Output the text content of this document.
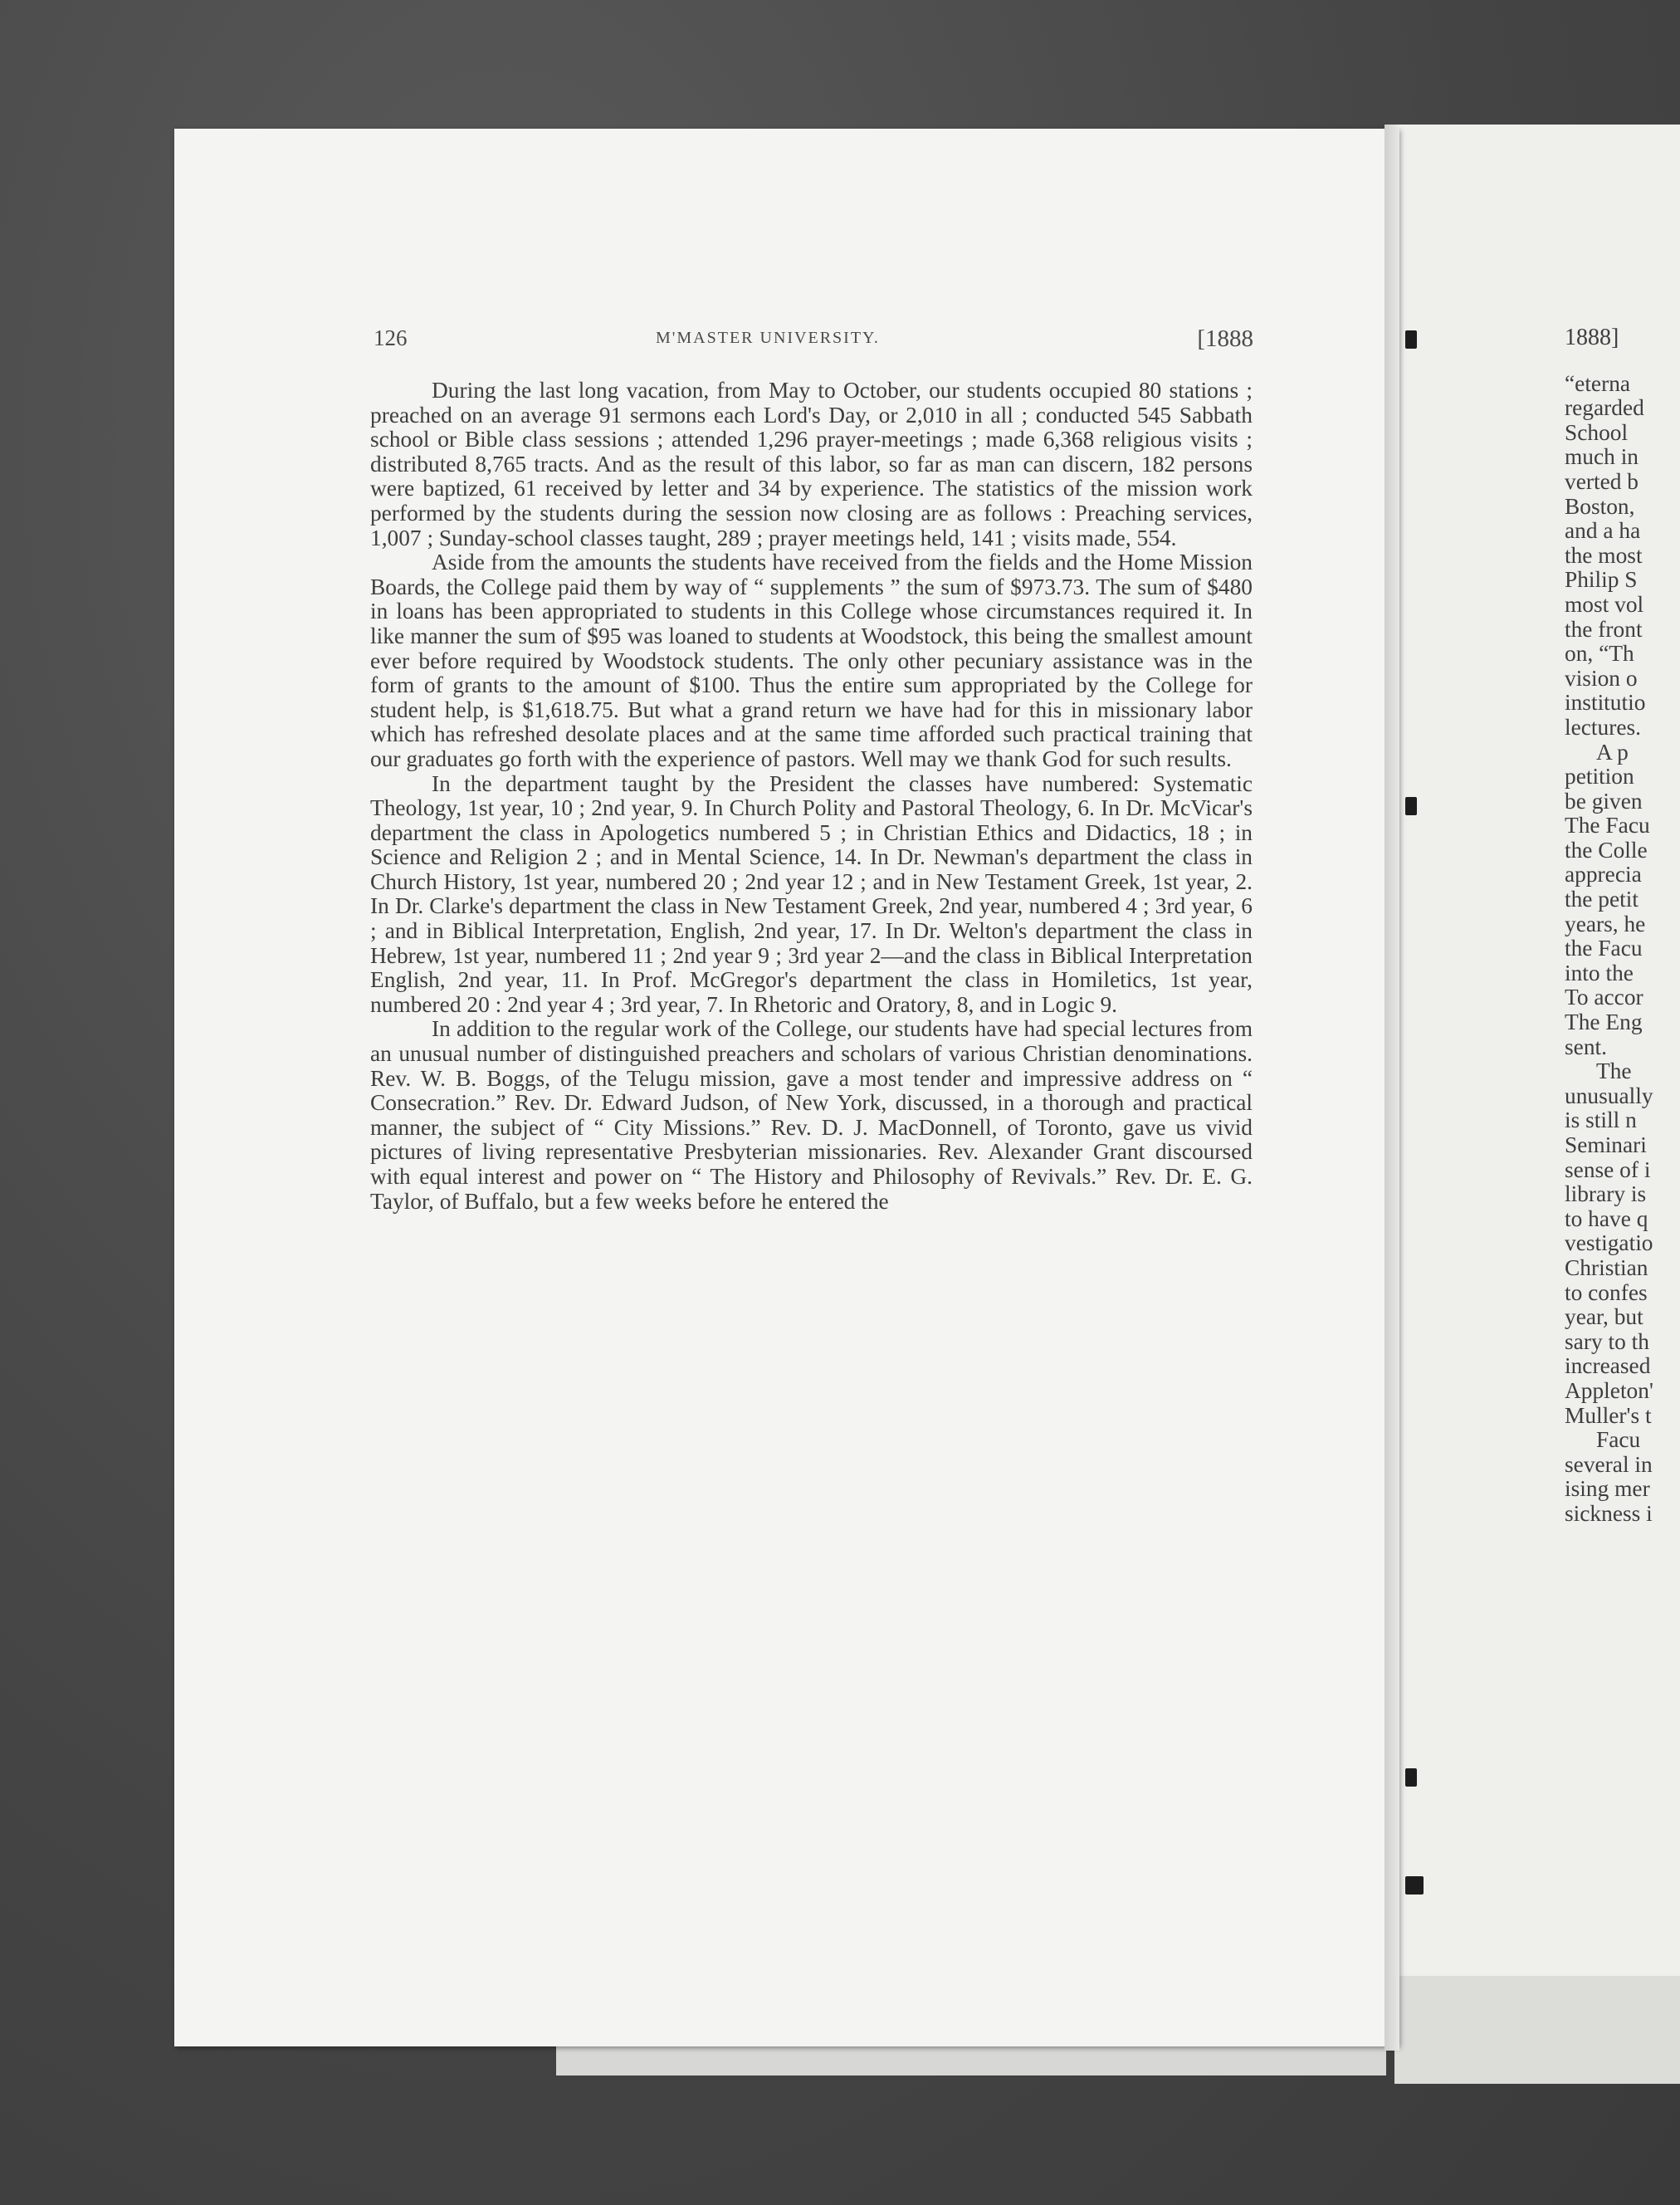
126	M'MASTER UNIVERSITY.	[1888

During the last long vacation, from May to October, our students occupied 80 stations ; preached on an average 91 sermons each Lord's Day, or 2,010 in all ; conducted 545 Sabbath school or Bible class sessions ; attended 1,296 prayer-meetings ; made 6,368 religious visits ; distributed 8,765 tracts. And as the result of this labor, so far as man can discern, 182 persons were baptized, 61 received by letter and 34 by experience. The statistics of the mission work performed by the students during the session now closing are as follows : Preaching services, 1,007 ; Sunday-school classes taught, 289 ; prayer meetings held, 141 ; visits made, 554.

Aside from the amounts the students have received from the fields and the Home Mission Boards, the College paid them by way of “ supplements ” the sum of $973.73. The sum of $480 in loans has been appropriated to students in this College whose circumstances required it. In like manner the sum of $95 was loaned to students at Woodstock, this being the smallest amount ever before required by Woodstock students. The only other pecuniary assistance was in the form of grants to the amount of $100. Thus the entire sum appropriated by the College for student help, is $1,618.75. But what a grand return we have had for this in missionary labor which has refreshed desolate places and at the same time afforded such practical training that our graduates go forth with the experience of pastors. Well may we thank God for such results.

In the department taught by the President the classes have numbered: Systematic Theology, 1st year, 10 ; 2nd year, 9. In Church Polity and Pastoral Theology, 6. In Dr. McVicar's department the class in Apologetics numbered 5 ; in Christian Ethics and Didactics, 18 ; in Science and Religion 2 ; and in Mental Science, 14. In Dr. Newman's department the class in Church History, 1st year, numbered 20 ; 2nd year 12 ; and in New Testament Greek, 1st year, 2. In Dr. Clarke's department the class in New Testament Greek, 2nd year, numbered 4 ; 3rd year, 6 ; and in Biblical Interpretation, English, 2nd year, 17. In Dr. Welton's department the class in Hebrew, 1st year, numbered 11 ; 2nd year 9 ; 3rd year 2—and the class in Biblical Interpretation English, 2nd year, 11. In Prof. McGregor's department the class in Homiletics, 1st year, numbered 20 : 2nd year 4 ; 3rd year, 7. In Rhetoric and Oratory, 8, and in Logic 9.

In addition to the regular work of the College, our students have had special lectures from an unusual number of distinguished preachers and scholars of various Christian denominations. Rev. W. B. Boggs, of the Telugu mission, gave a most tender and impressive address on “ Consecration.” Rev. Dr. Edward Judson, of New York, discussed, in a thorough and practical manner, the subject of “ City Missions.” Rev. D. J. MacDonnell, of Toronto, gave us vivid pictures of living representative Presbyterian missionaries. Rev. Alexander Grant discoursed with equal interest and power on “ The History and Philosophy of Revivals.” Rev. Dr. E. G. Taylor, of Buffalo, but a few weeks before he entered the

1888]
“eterna
regarded
School
much in
verted b
Boston,
and a ha
the most
Philip S
most vol
the front
on, “Th
vision o
institutio
lectures.
A p
petition
be given
The Facu
the Colle
apprecia
the petit
years, he
the Facu
into the
To accor
The Eng
sent.
The
unusually
is still n
Seminari
sense of i
library is
to have q
vestigatio
Christian
to confes
year, but
sary to th
increased
Appleton'
Muller's t
Facu
several in
ising mer
sickness i
